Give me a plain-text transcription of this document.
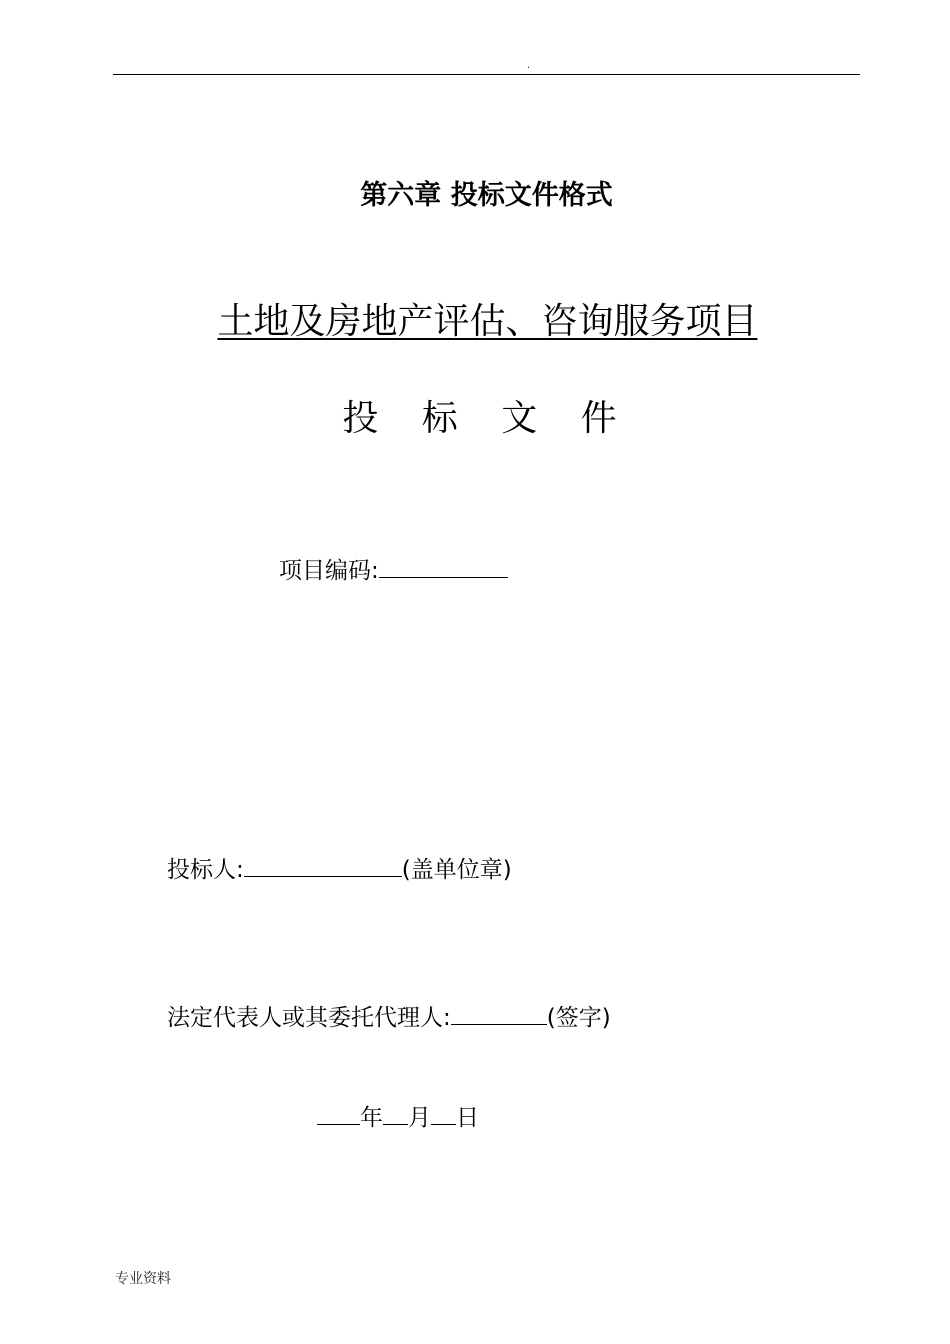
.
第六章 投标文件格式
土地及房地产评估、咨询服务项目
投 标 文 件
项目编码:
投标人:	(盖单位章)
法定代表人或其委托代理人:	(签字)
年 月 日
专业资料
